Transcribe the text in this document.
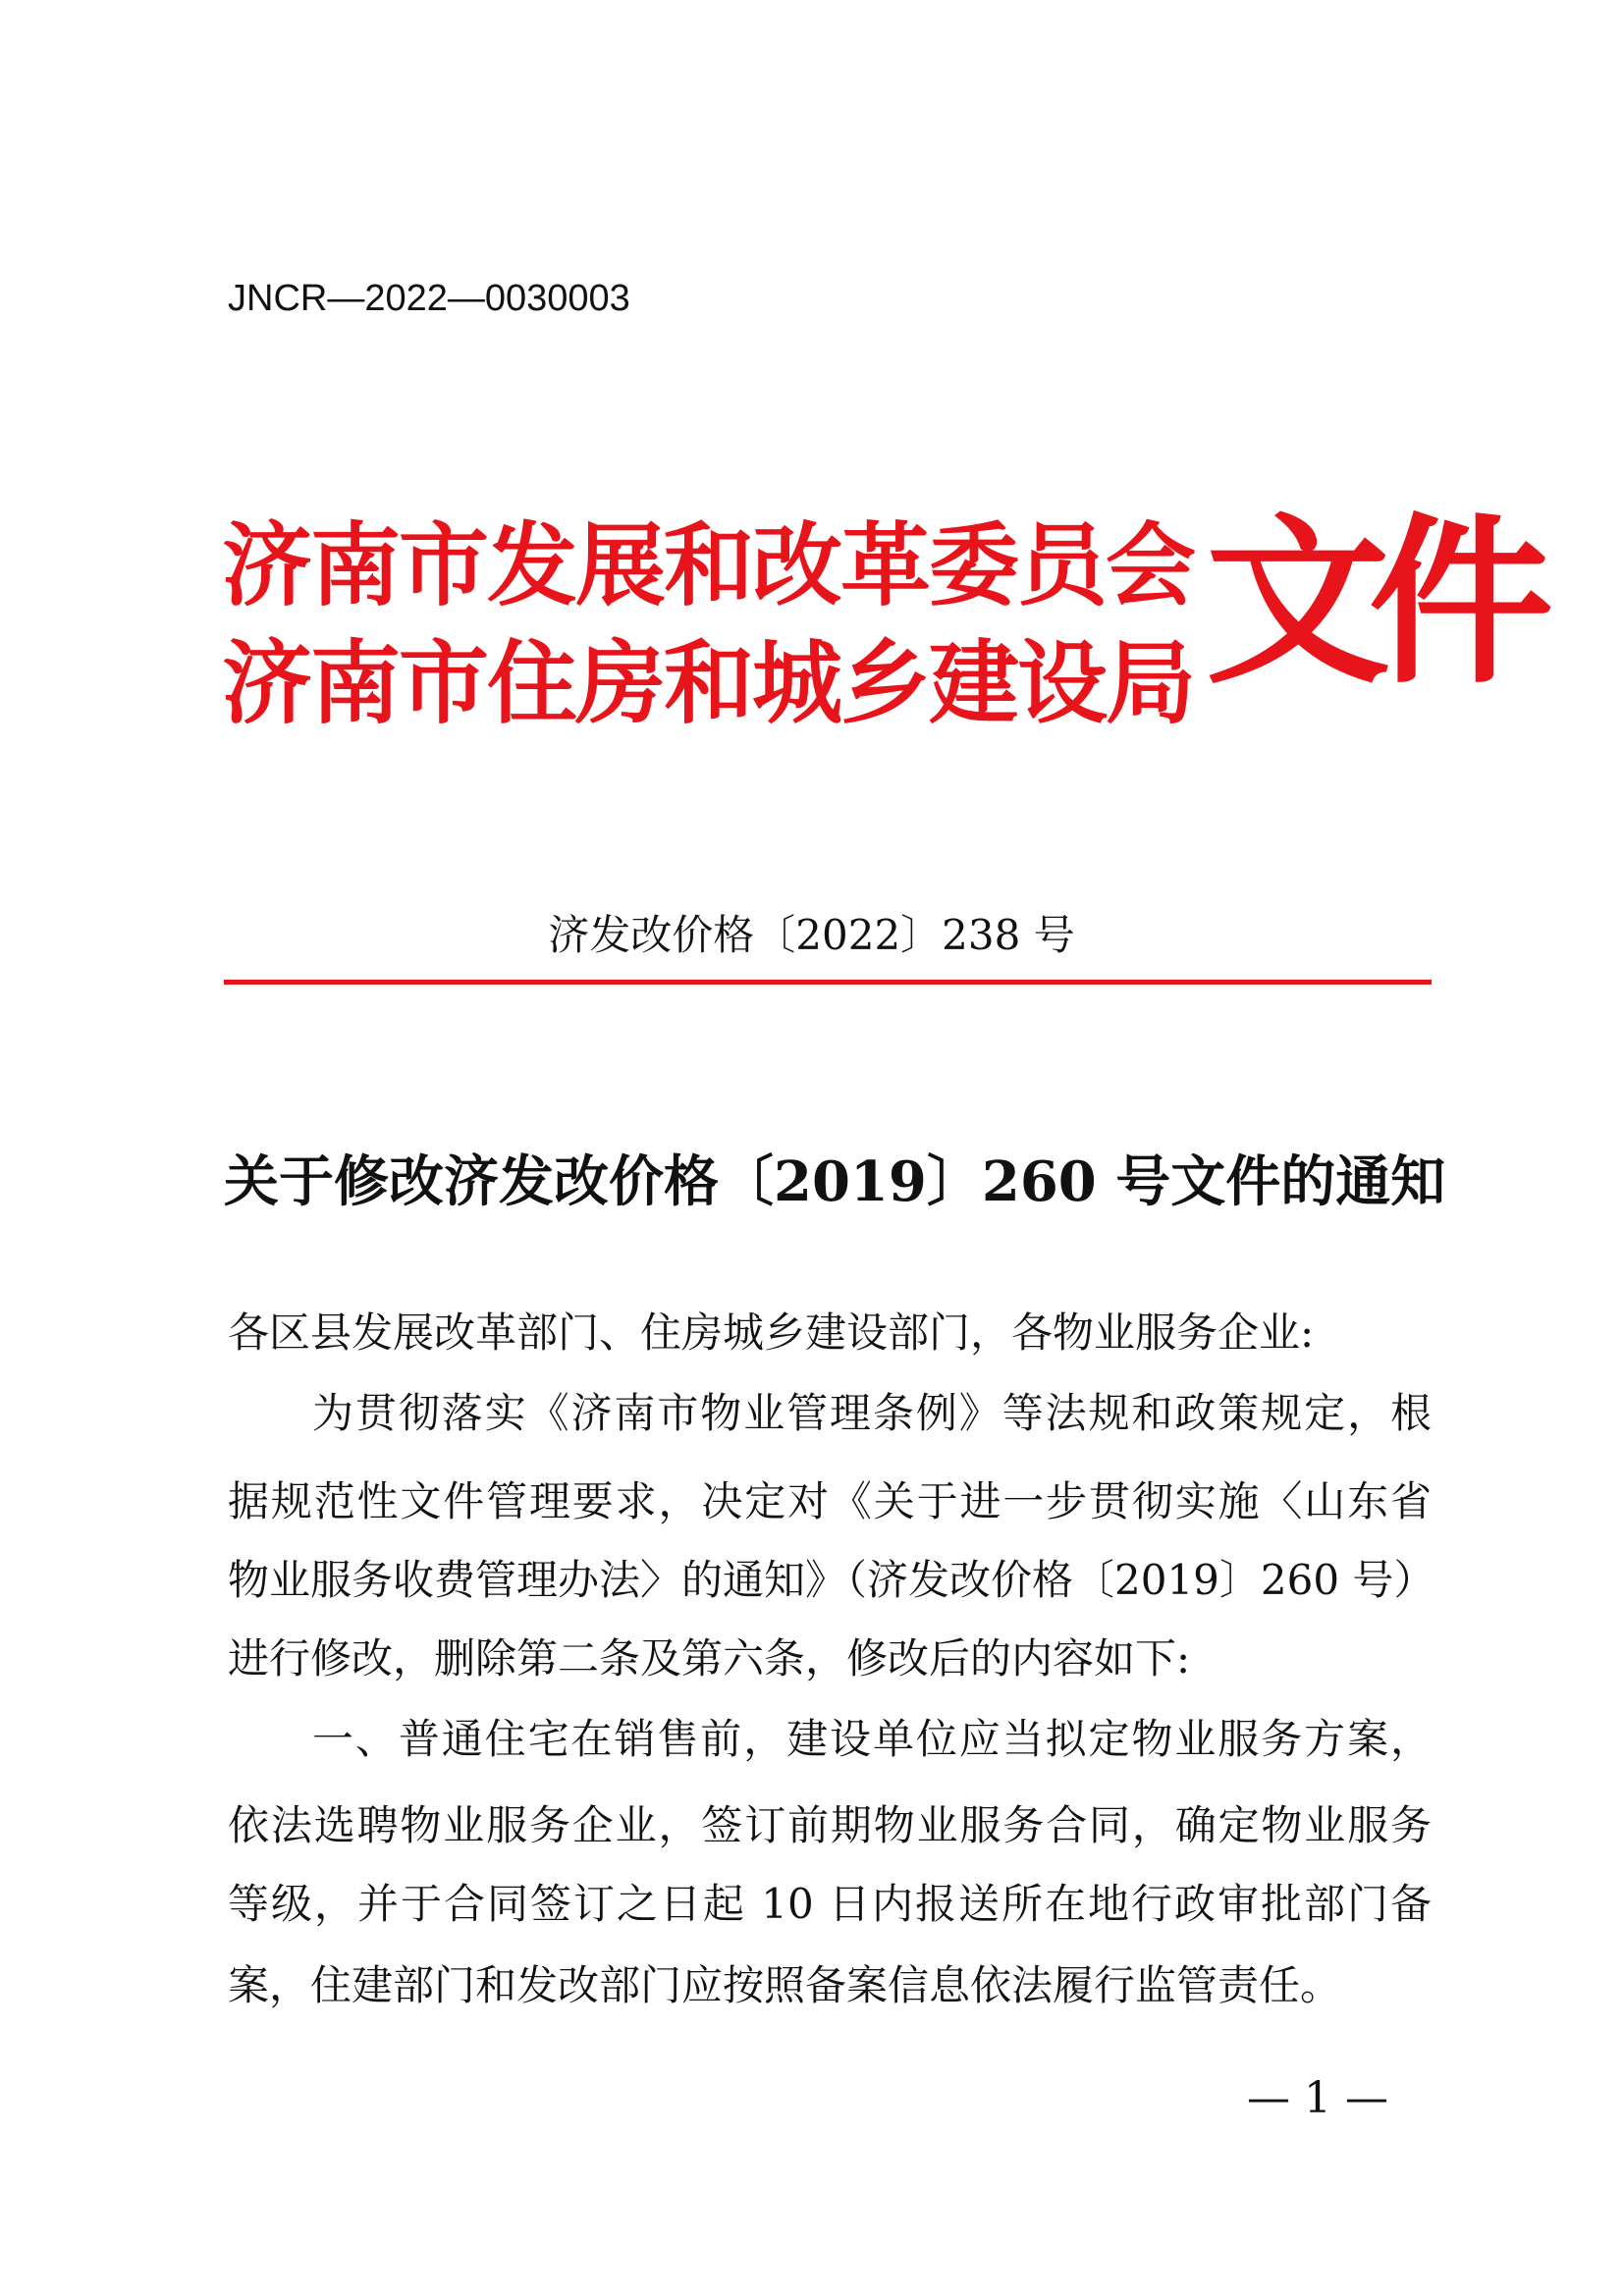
JNCR—2022—0030003
济南市发展和改革委员会
济南市住房和城乡建设局 文件
济发改价格〔2022〕238 号
关于修改济发改价格〔2019〕260 号文件的通知
各区县发展改革部门、住房城乡建设部门，各物业服务企业:
为贯彻落实《济南市物业管理条例》等法规和政策规定，根
据规范性文件管理要求，决定对《关于进一步贯彻实施〈山东省
物业服务收费管理办法〉的通知》（济发改价格〔2019〕260 号）
进行修改，删除第二条及第六条，修改后的内容如下:
一、普通住宅在销售前，建设单位应当拟定物业服务方案，
依法选聘物业服务企业，签订前期物业服务合同，确定物业服务
等级，并于合同签订之日起 10 日内报送所在地行政审批部门备
案，住建部门和发改部门应按照备案信息依法履行监管责任。
— 1 —
